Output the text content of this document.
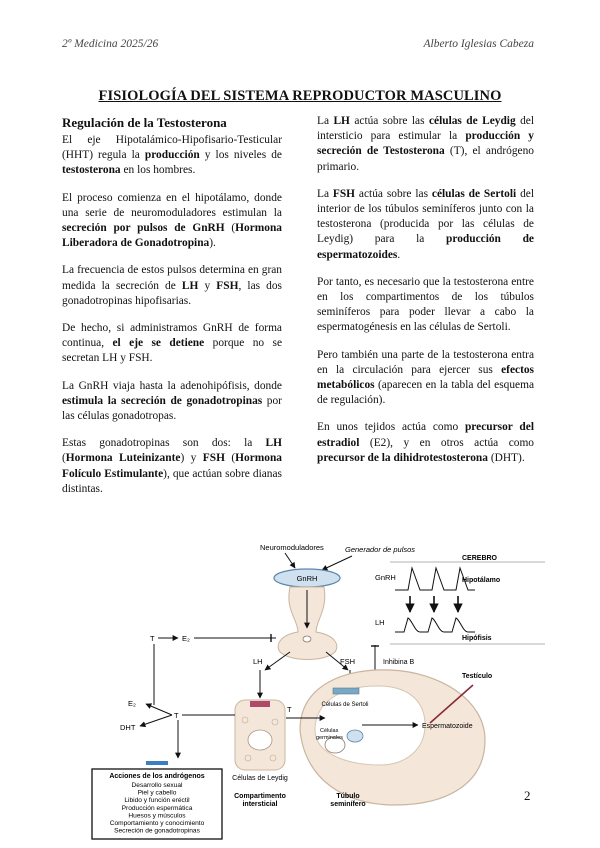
2º Medicina 2025/26	Alberto Iglesias Cabeza
FISIOLOGÍA DEL SISTEMA REPRODUCTOR MASCULINO
Regulación de la Testosterona

El eje Hipotalámico-Hipofisario-Testicular (HHT) regula la producción y los niveles de testosterona en los hombres.

El proceso comienza en el hipotálamo, donde una serie de neuromoduladores estimulan la secreción por pulsos de GnRH (Hormona Liberadora de Gonadotropina).

La frecuencia de estos pulsos determina en gran medida la secreción de LH y FSH, las dos gonadotropinas hipofisarias.

De hecho, si administramos GnRH de forma continua, el eje se detiene porque no se secretan LH y FSH.

La GnRH viaja hasta la adenohipófisis, donde estimula la secreción de gonadotropinas por las células gonadotropas.

Estas gonadotropinas son dos: la LH (Hormona Luteinizante) y FSH (Hormona Folículo Estimulante), que actúan sobre dianas distintas.

La LH actúa sobre las células de Leydig del intersticio para estimular la producción y secreción de Testosterona (T), el andrógeno primario.

La FSH actúa sobre las células de Sertoli del interior de los túbulos seminíferos junto con la testosterona (producida por las células de Leydig) para la producción de espermatozoides.

Por tanto, es necesario que la testosterona entre en los compartimentos de los túbulos seminíferos para poder llevar a cabo la espermatogénesis en las células de Sertoli.

Pero también una parte de la testosterona entra en la circulación para ejercer sus efectos metabólicos (aparecen en la tabla del esquema de regulación).

En unos tejidos actúa como precursor del estradiol (E2), y en otros actúa como precursor de la dihidrotestosterona (DHT).

Neuromoduladores	Generador de pulsos
CEREBRO
GnRH	GnRH	Hipotálamo
LH
Hipófisis
T	E₂
LH	FSH	Inhibina B
Testículo
Células de Sertoli
Células
germinales
Espermatozoide
Células de Leydig
T
T
E₂
DHT
Acciones de los andrógenos
Desarrollo sexual
Piel y cabello
Libido y función eréctil
Producción espermática
Huesos y músculos
Comportamiento y conocimiento
Secreción de gonadotropinas
Compartimento
intersticial
Túbulo
seminífero
2
